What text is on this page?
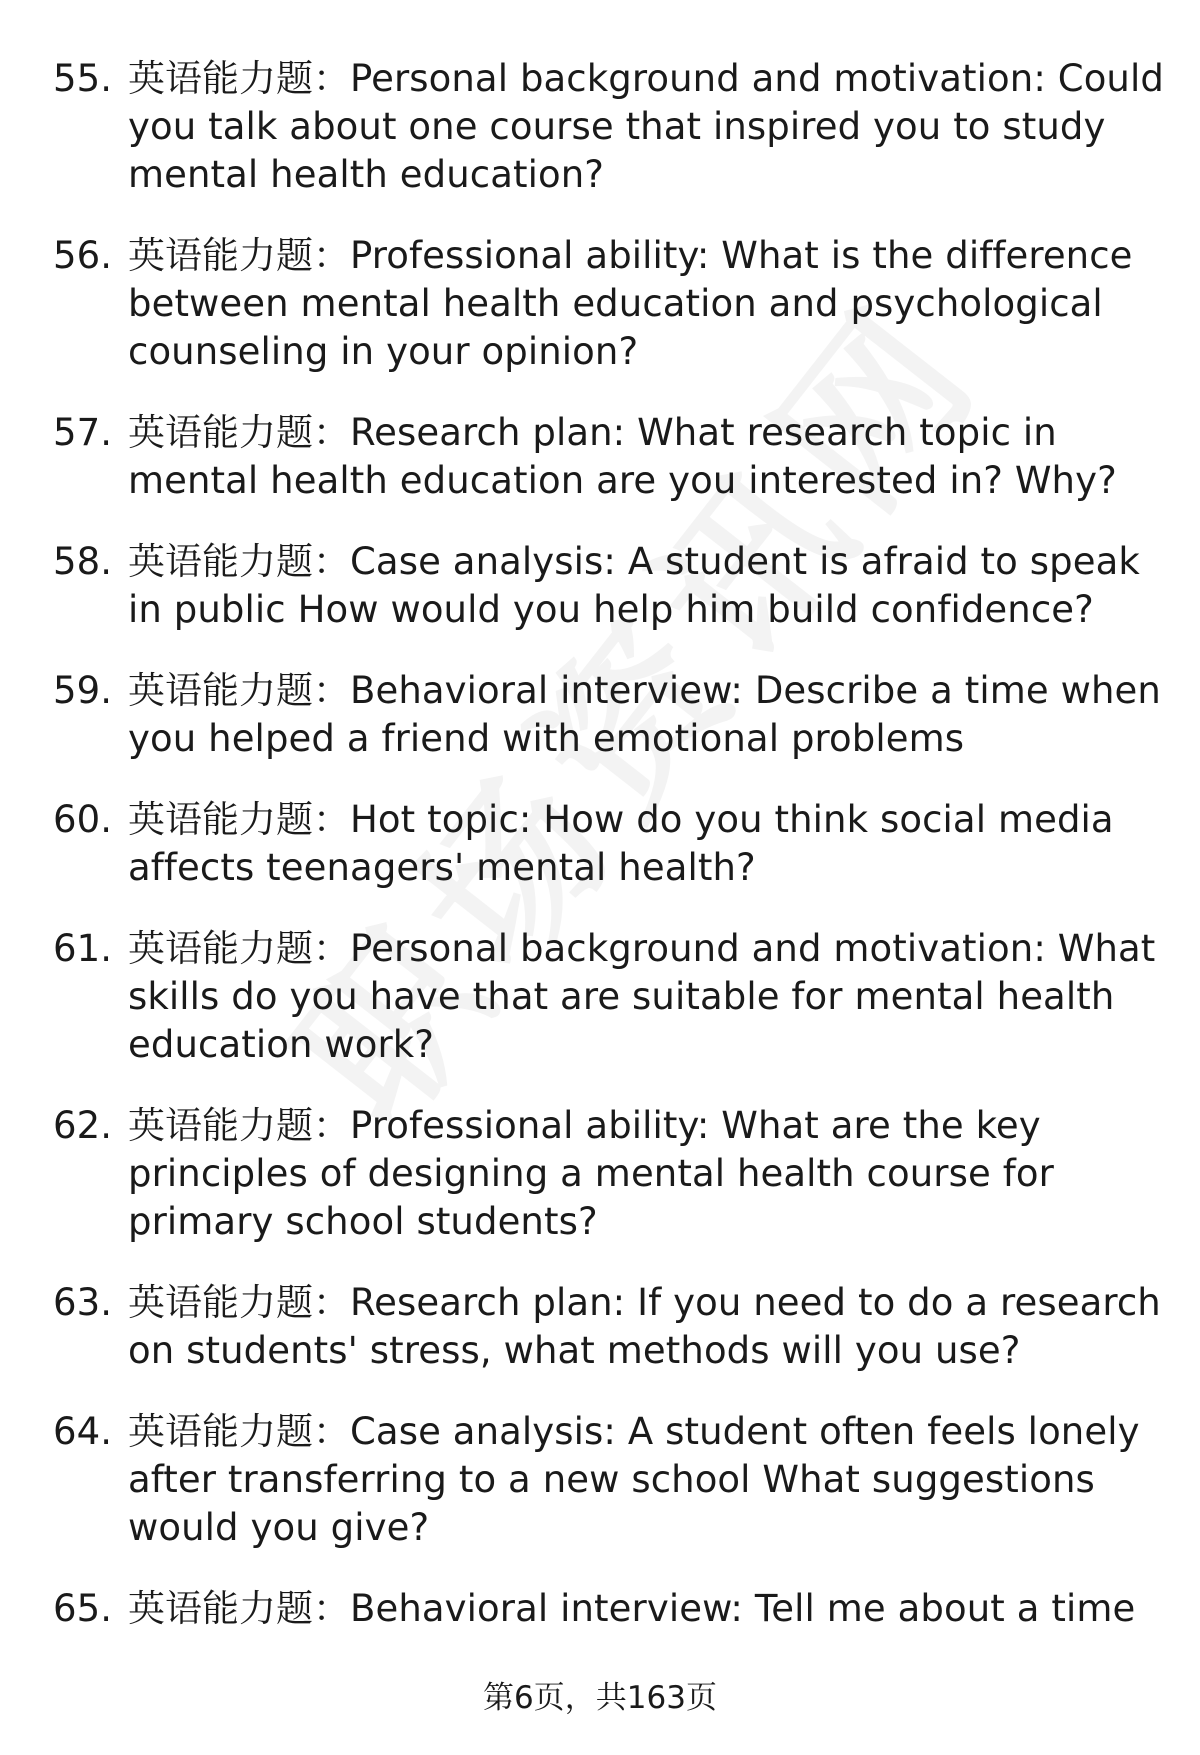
55. 英语能力题：Personal background and motivation: Could you talk about one course that inspired you to study mental health education?
56. 英语能力题：Professional ability: What is the difference between mental health education and psychological counseling in your opinion?
57. 英语能力题：Research plan: What research topic in mental health education are you interested in? Why?
58. 英语能力题：Case analysis: A student is afraid to speak in public How would you help him build confidence?
59. 英语能力题：Behavioral interview: Describe a time when you helped a friend with emotional problems
60. 英语能力题：Hot topic: How do you think social media affects teenagers' mental health?
61. 英语能力题：Personal background and motivation: What skills do you have that are suitable for mental health education work?
62. 英语能力题：Professional ability: What are the key principles of designing a mental health course for primary school students?
63. 英语能力题：Research plan: If you need to do a research on students' stress, what methods will you use?
64. 英语能力题：Case analysis: A student often feels lonely after transferring to a new school What suggestions would you give?
65. 英语能力题：Behavioral interview: Tell me about a time
第6页，共163页
